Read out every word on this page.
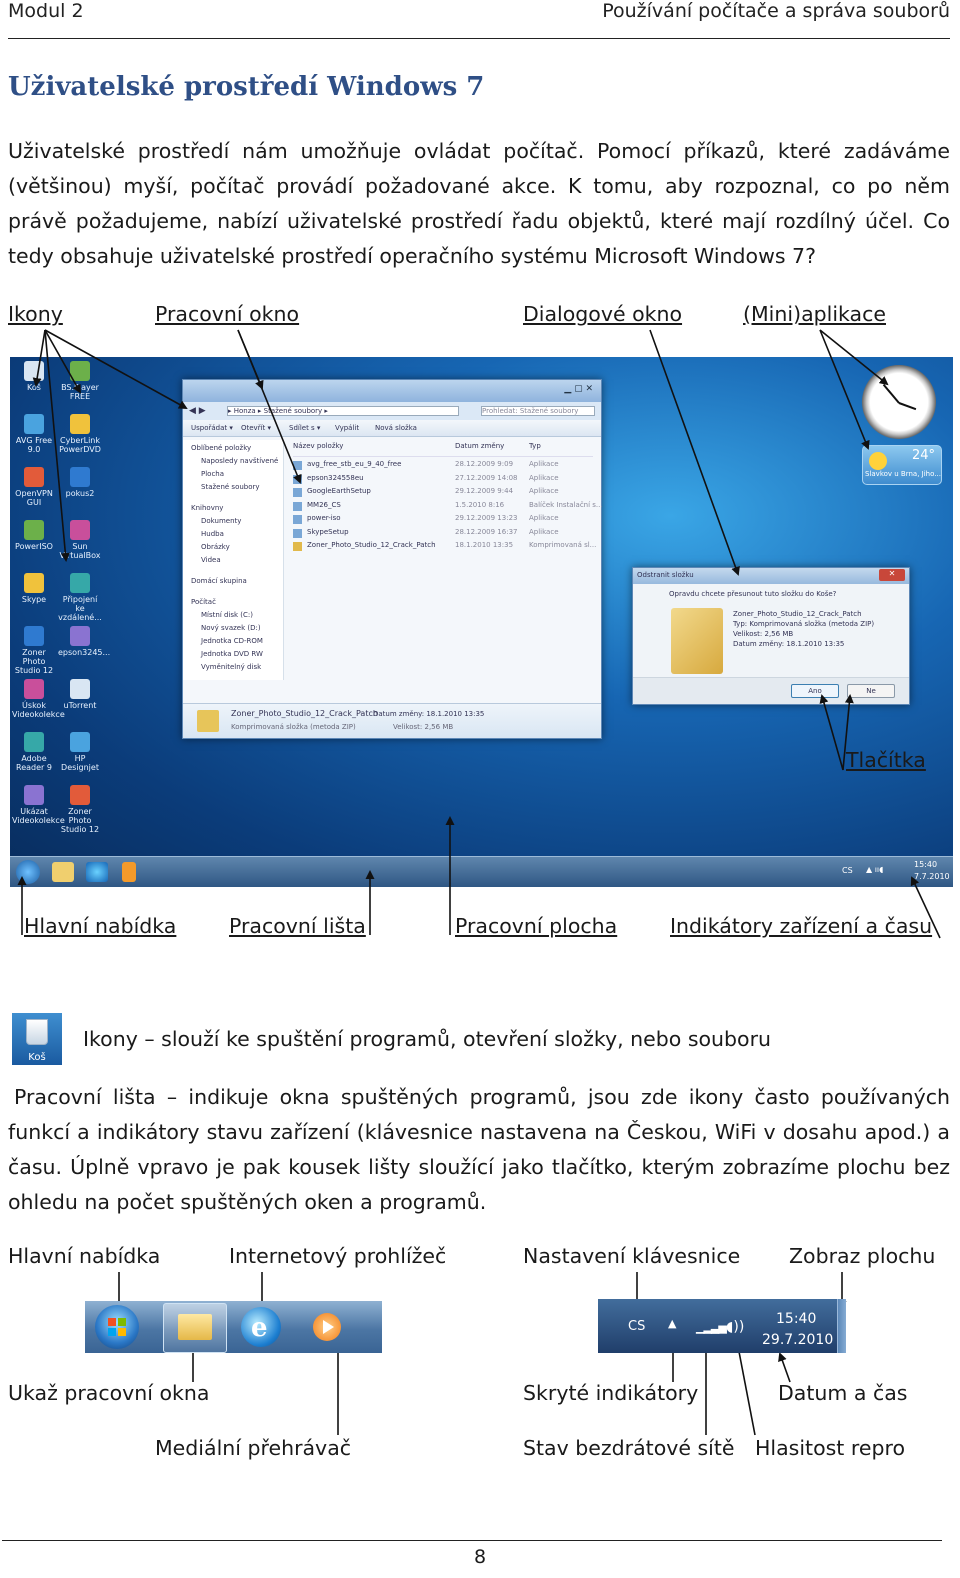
Modul 2	Používání počítače a správa souborů
Uživatelské prostředí Windows 7
Uživatelské prostředí nám umožňuje ovládat počítač. Pomocí příkazů, které zadáváme (většinou) myší, počítač provádí požadované akce. K tomu, aby rozpoznal, co po něm právě požadujeme, nabízí uživatelské prostředí řadu objektů, které mají rozdílný účel. Co tedy obsahuje uživatelské prostředí operačního systému Microsoft Windows 7?
Ikony	Pracovní okno	Dialogové okno	(Mini)aplikace
Koš	BS.Player FREE
AVG Free 9.0
CyberLink PowerDVD
OpenVPN GUI
pokus2
PowerISO	Sun VirtualBox
Skype	Připojení ke vzdálené...
Zoner Photo Studio 12
epson3245...
Úskok Videokolekce
uTorrent
Adobe Reader 9
HP Designjet
Ukázat Videokolekce
Zoner Photo Studio 12
▁ ▢ ✕
◀ ▶	▸ Honza ▸ Stažené soubory ▸	Prohledat: Stažené soubory
Uspořádat ▾ Otevřít ▾	Sdílet s ▾ Vypálit Nová složka
Oblíbené položky
Naposledy navštívené
Plocha
Stažené soubory
Knihovny
Dokumenty
Hudba
Obrázky
Videa
Domácí skupina
Počítač
Místní disk (C:)
Nový svazek (D:)
Jednotka CD-ROM
Jednotka DVD RW
Vyměnitelný disk
Název položky	Datum změny	Typ
avg_free_stb_eu_9_40_free	28.12.2009 9:09 Aplikace
epson324558eu	27.12.2009 14:08 Aplikace
GoogleEarthSetup	29.12.2009 9:44 Aplikace
MM26_CS	1.5.2010 8:16	Balíček Instalační s...
power-iso	29.12.2009 13:23 Aplikace
SkypeSetup	28.12.2009 16:37 Aplikace
Zoner_Photo_Studio_12_Crack_Patch	18.1.2010 13:35 Komprimovaná sl...
Zoner_Photo_Studio_12_Crack_Patch
Datum změny: 18.1.2010 13:35
Komprimovaná složka (metoda ZIP)	Velikost: 2,56 MB
24°
Slavkov u Brna, Jiho...
Odstranit složku	✕
Opravdu chcete přesunout tuto složku do Koše?
Zoner_Photo_Studio_12_Crack_Patch
Typ: Komprimovaná složka (metoda ZIP)
Velikost: 2,56 MB
Datum změny: 18.1.2010 13:35
Ano	Ne
CS ▲ ıı◖
15:40
7.7.2010
Tlačítka
Hlavní nabídka	Pracovní lišta	Pracovní plocha	Indikátory zařízení a času
Koš
Ikony – slouží ke spuštění programů, otevření složky, nebo souboru
Pracovní lišta – indikuje okna spuštěných programů, jsou zde ikony často používaných funkcí a indikátory stavu zařízení (klávesnice nastavena na Českou, WiFi v dosahu apod.) a času. Úplně vpravo je pak kousek lišty sloužící jako tlačítko, kterým zobrazíme plochu bez ohledu na počet spuštěných oken a programů.
Hlavní nabídka	Internetový prohlížeč	Nastavení klávesnice Zobraz plochu
e	CS ▲ ▁▂▃▅ ◖)) 15:40
29.7.2010
Ukaž pracovní okna	Skryté indikátory	Datum a čas
Mediální přehrávač	Stav bezdrátové sítě Hlasitost repro
8
